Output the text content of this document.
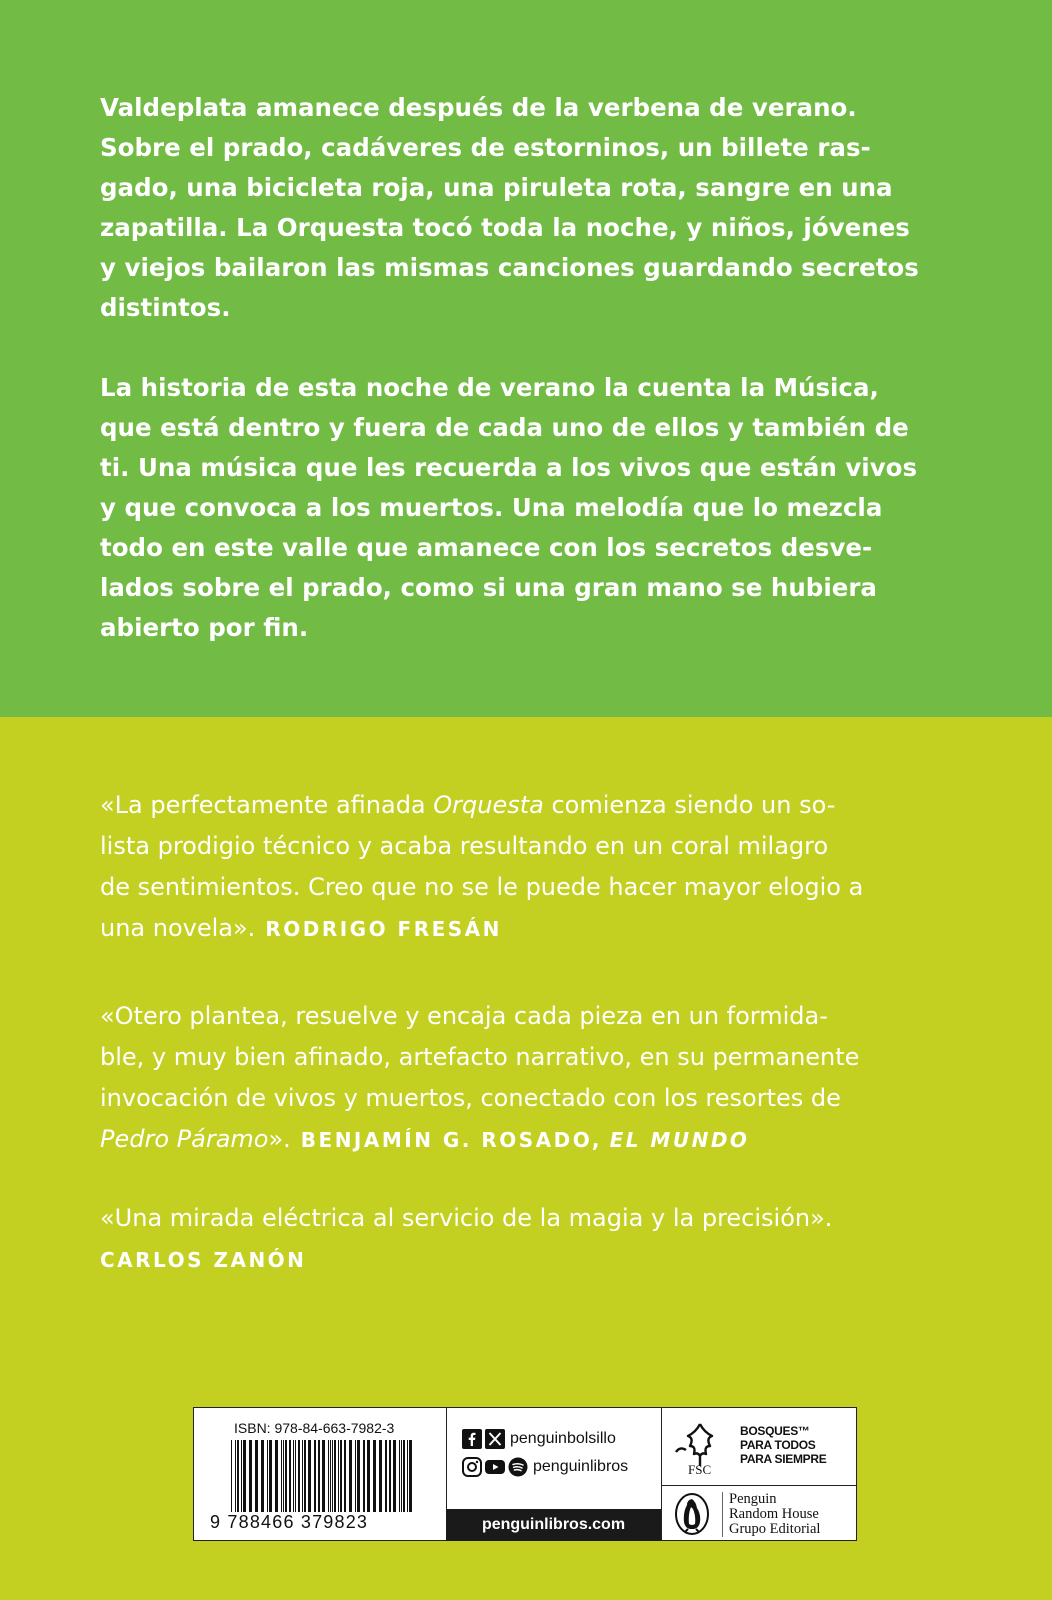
Valdeplata amanece después de la verbena de verano.
Sobre el prado, cadáveres de estorninos, un billete ras-
gado, una bicicleta roja, una piruleta rota, sangre en una
zapatilla. La Orquesta tocó toda la noche, y niños, jóvenes
y viejos bailaron las mismas canciones guardando secretos
distintos.

La historia de esta noche de verano la cuenta la Música,
que está dentro y fuera de cada uno de ellos y también de
ti. Una música que les recuerda a los vivos que están vivos
y que convoca a los muertos. Una melodía que lo mezcla
todo en este valle que amanece con los secretos desve-
lados sobre el prado, como si una gran mano se hubiera
abierto por fin.

«La perfectamente afinada Orquesta comienza siendo un so-
lista prodigio técnico y acaba resultando en un coral milagro
de sentimientos. Creo que no se le puede hacer mayor elogio a
una novela». RODRIGO FRESÁN
«Otero plantea, resuelve y encaja cada pieza en un formida-
ble, y muy bien afinado, artefacto narrativo, en su permanente
invocación de vivos y muertos, conectado con los resortes de
Pedro Páramo». BENJAMÍN G. ROSADO, EL MUNDO
«Una mirada eléctrica al servicio de la magia y la precisión».
CARLOS ZANÓN
ISBN: 978-84-663-7982-3
9 788466 379823
penguinbolsillo
penguinlibros
penguinlibros.com
FSC
BOSQUES™
PARA TODOS
PARA SIEMPRE
Penguin
Random House
Grupo Editorial
